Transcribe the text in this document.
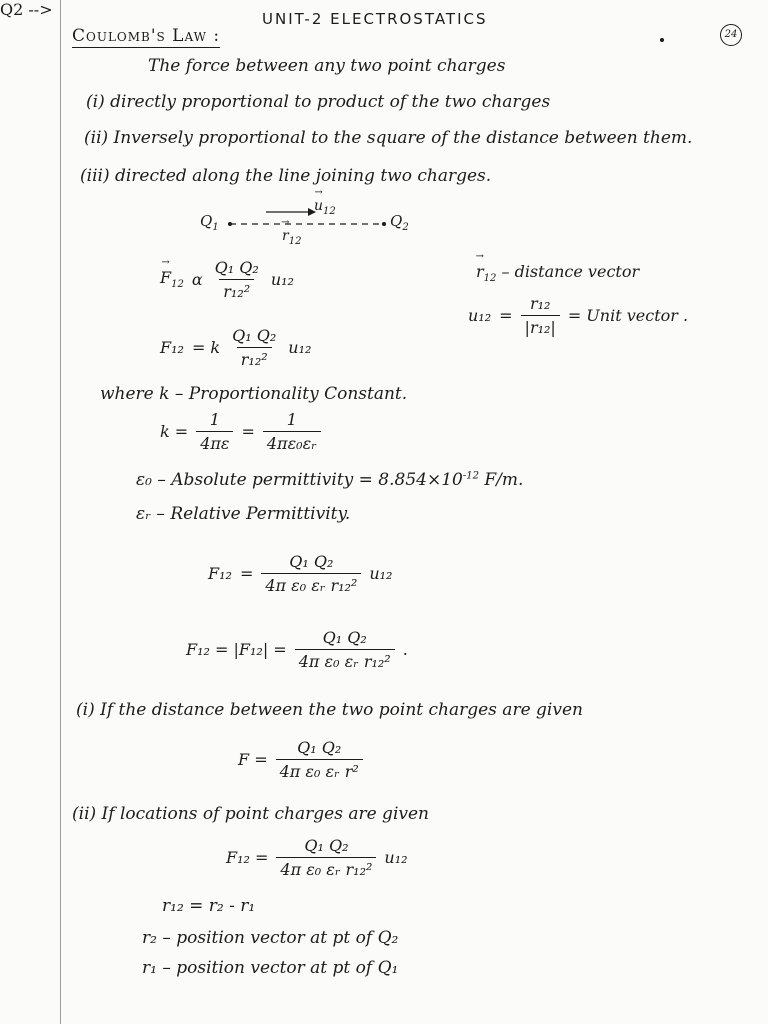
UNIT-2 ELECTROSTATICS
24
Coulomb's Law :
The force between any two point charges
(i) directly proportional to product of the two charges
(ii) Inversely proportional to the square of the distance between them.
(iii) directed along the line joining two charges.
Q2 -->
$Q_1$	$Q_2$
→ $u_{12}$
→ $r_{12}$
→ $F_{12}$ α $\frac{\text{Q₁ Q₂}}{\text{r₁₂²}} u_{12}$	→ $r_{12}$ – distance vector
$u_{12} = \frac{\text{r₁₂}}{\text{|r₁₂|}}$ = Unit vector .
F₁₂ = k $\frac{\text{Q₁ Q₂}}{\text{r₁₂²}} u_{12}$
where k – Proportionality Constant.
$k = \frac{1}{4\pi\varepsilon} = \frac{1}{\text{4πε₀εᵣ}}$
ε₀ – Absolute permittivity = $8.854\times 10^{-12}$ F/m.
εᵣ – Relative Permittivity.
$F_{12} = \frac{\text{Q₁ Q₂}}{\text{4π ε₀ εᵣ r₁₂²}} u_{12}$
$F_{12} = |F_{12}| = \frac{\text{Q₁ Q₂}}{\text{4π ε₀ εᵣ r₁₂²}}$ .
(i) If the distance between the two point charges are given
$F = \frac{\text{Q₁ Q₂}}{\text{4π ε₀ εᵣ r²}}$
(ii) If locations of point charges are given
$F_{12} = \frac{\text{Q₁ Q₂}}{\text{4π ε₀ εᵣ r₁₂²}} u_{12}$
r₁₂ = r₂ - r₁
r₂ – position vector at pt of Q₂
r₁ – position vector at pt of Q₁
